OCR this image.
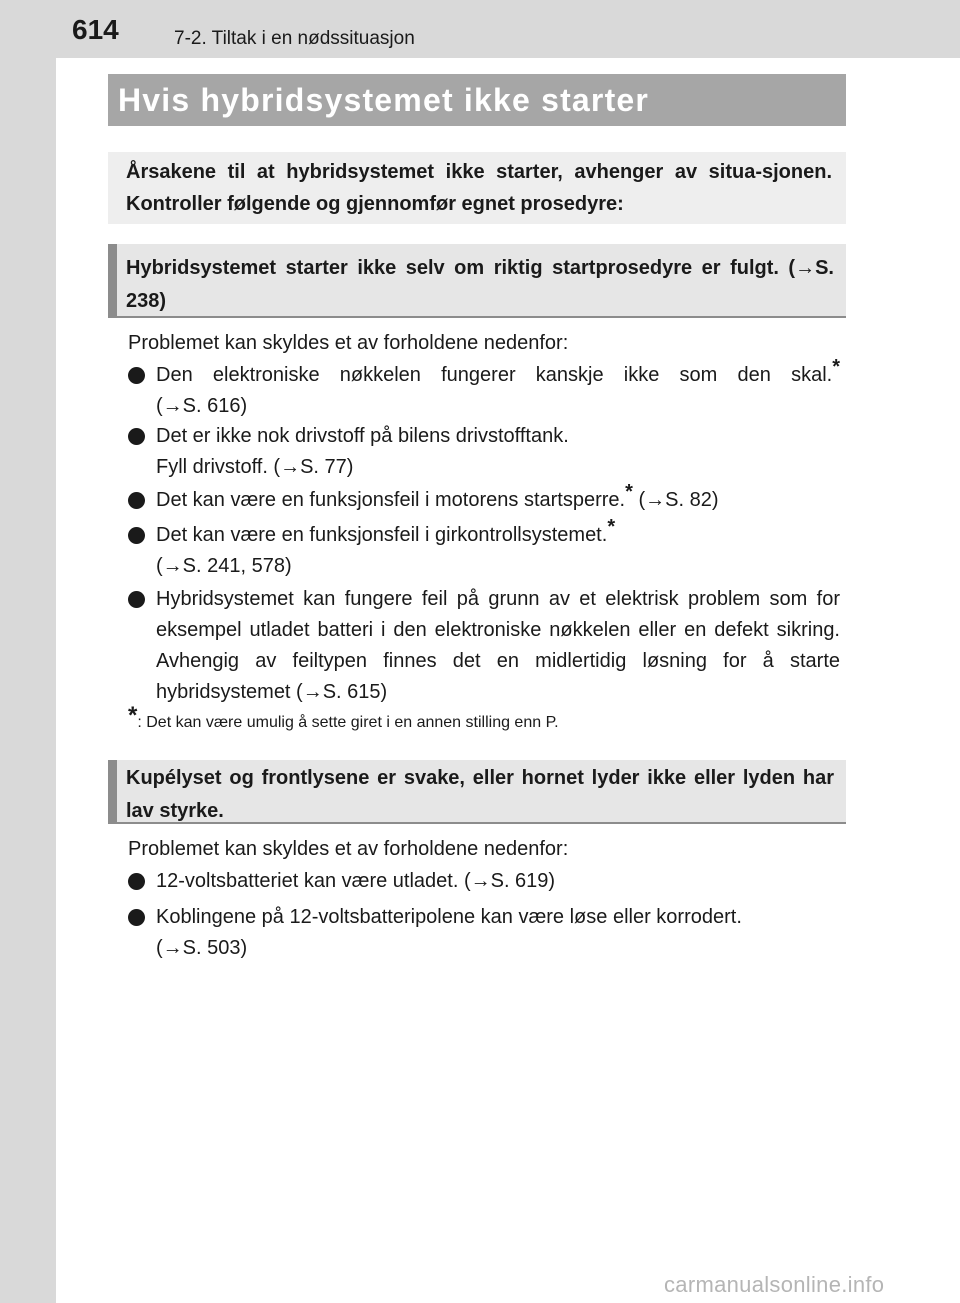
614	7-2. Tiltak i en nødssituasjon
Hvis hybridsystemet ikke starter
Årsakene til at hybridsystemet ikke starter, avhenger av situa-sjonen. Kontroller følgende og gjennomfør egnet prosedyre:
Hybridsystemet starter ikke selv om riktig startprosedyre er fulgt. (→S. 238)
Problemet kan skyldes et av forholdene nedenfor:
Den elektroniske nøkkelen fungerer kanskje ikke som den skal.*
(→S. 616)
Det er ikke nok drivstoff på bilens drivstofftank.
Fyll drivstoff. (→S. 77)
Det kan være en funksjonsfeil i motorens startsperre.* (→S. 82)
Det kan være en funksjonsfeil i girkontrollsystemet.*
(→S. 241, 578)
Hybridsystemet kan fungere feil på grunn av et elektrisk problem som for eksempel utladet batteri i den elektroniske nøkkelen eller en defekt sikring. Avhengig av feiltypen finnes det en midlertidig løsning for å starte hybridsystemet (→S. 615)
*: Det kan være umulig å sette giret i en annen stilling enn P.
Kupélyset og frontlysene er svake, eller hornet lyder ikke eller lyden har lav styrke.
Problemet kan skyldes et av forholdene nedenfor:
12-voltsbatteriet kan være utladet. (→S. 619)
Koblingene på 12-voltsbatteripolene kan være løse eller korrodert.
(→S. 503)
carmanualsonline.info
